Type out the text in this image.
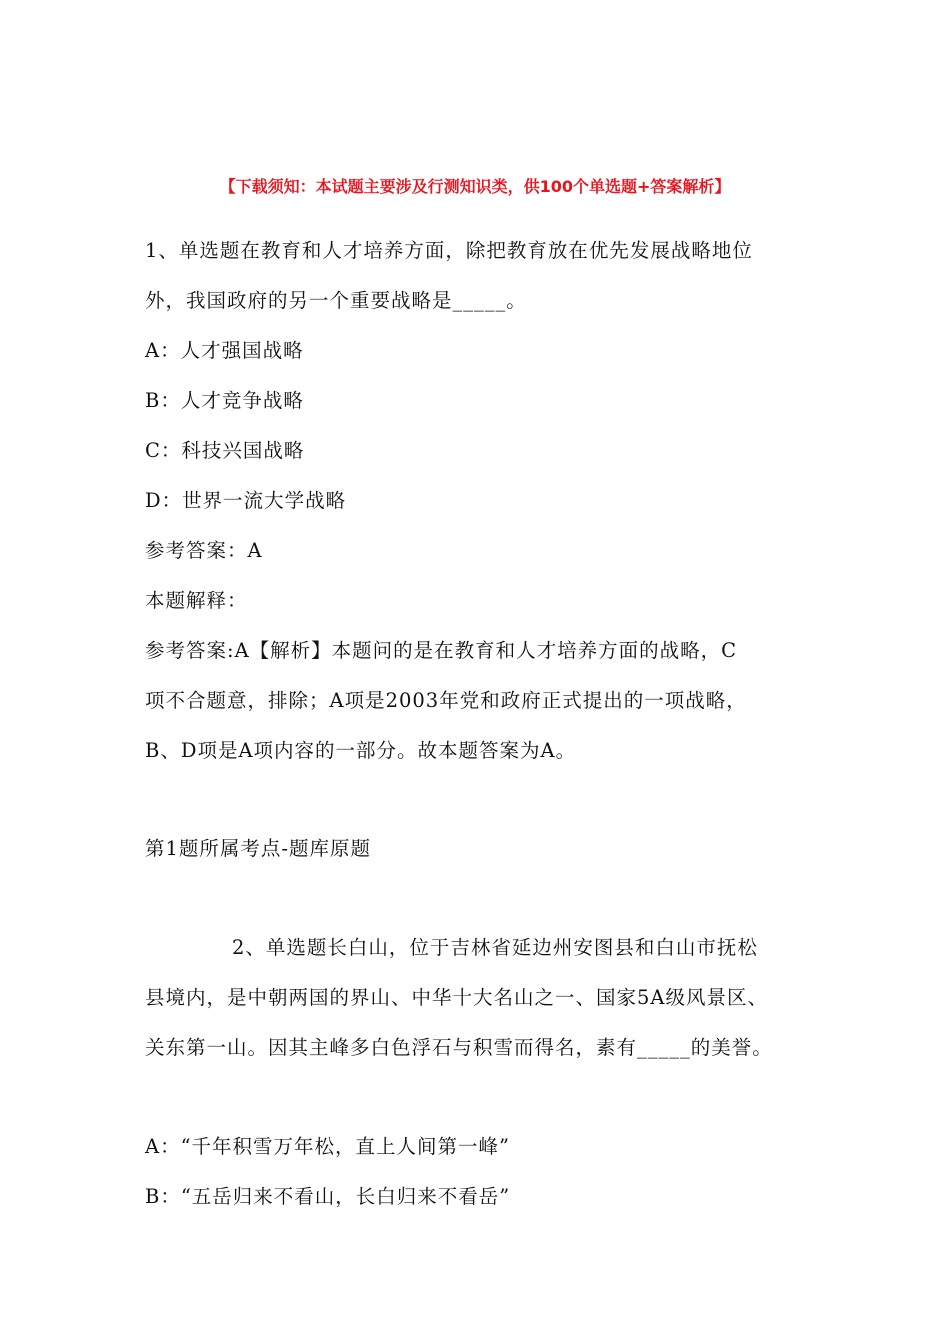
【下载须知：本试题主要涉及行测知识类，供100个单选题+答案解析】
1、单选题在教育和人才培养方面，除把教育放在优先发展战略地位
外，我国政府的另一个重要战略是_____。
A：人才强国战略
B：人才竞争战略
C：科技兴国战略
D：世界一流大学战略
参考答案：A
本题解释：
参考答案:A【解析】本题问的是在教育和人才培养方面的战略，C
项不合题意，排除；A项是2003年党和政府正式提出的一项战略，
B、D项是A项内容的一部分。故本题答案为A。
第1题所属考点-题库原题
2、单选题长白山，位于吉林省延边州安图县和白山市抚松
县境内，是中朝两国的界山、中华十大名山之一、国家5A级风景区、
关东第一山。因其主峰多白色浮石与积雪而得名，素有_____的美誉。
A：“千年积雪万年松，直上人间第一峰”
B：“五岳归来不看山，长白归来不看岳”
